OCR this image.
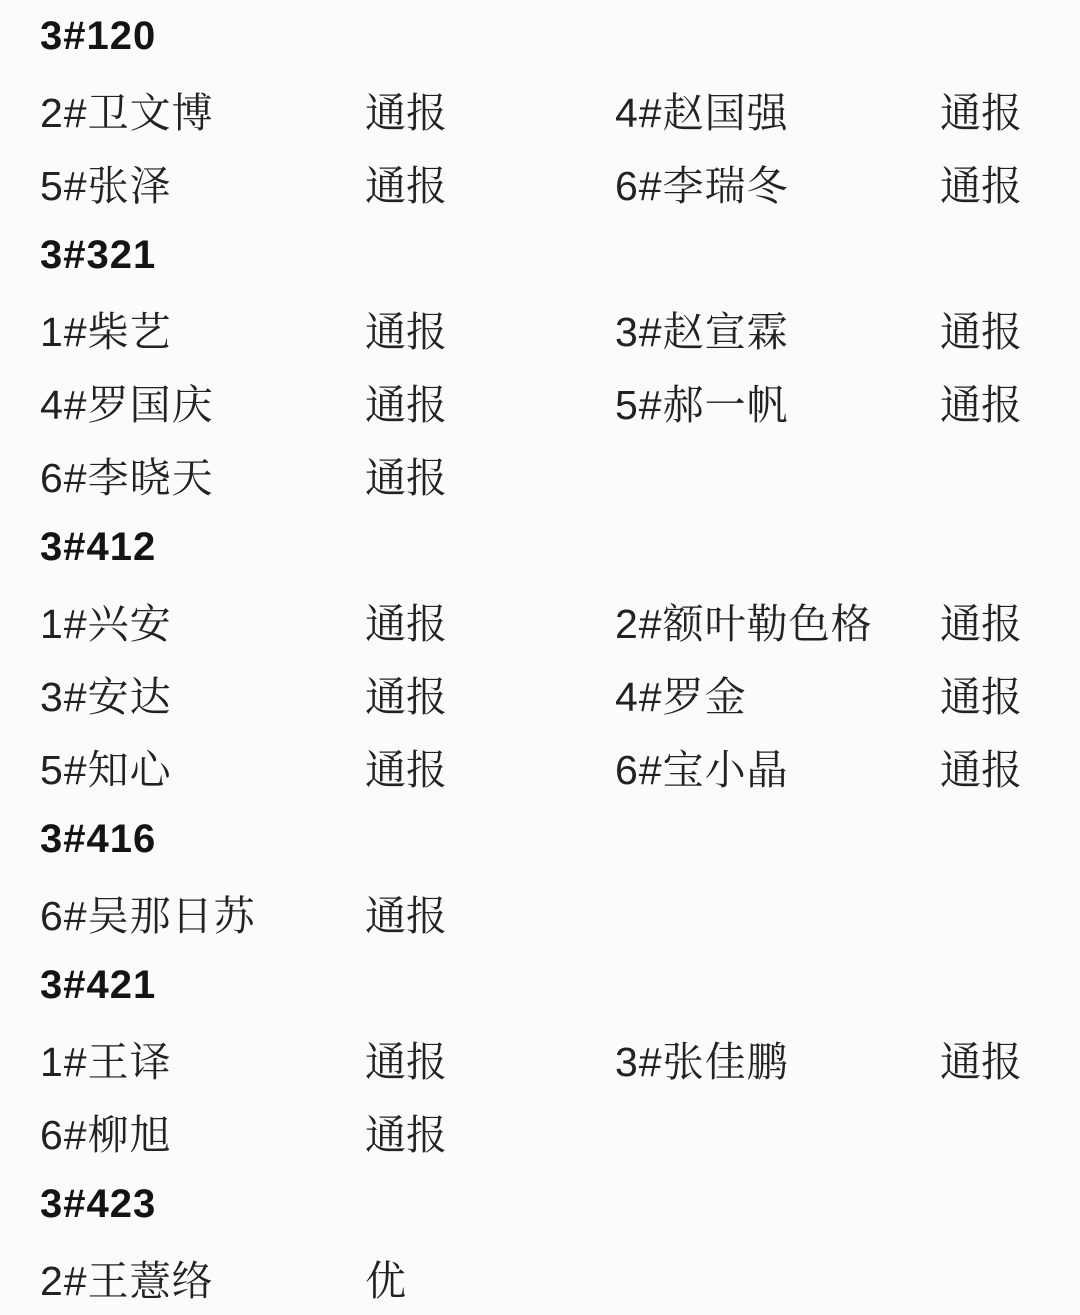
3#120
2#卫文博	通报	4#赵国强	通报
5#张泽	通报	6#李瑞冬	通报
3#321
1#柴艺	通报	3#赵宣霖	通报
4#罗国庆	通报	5#郝一帆	通报
6#李晓天	通报
3#412
1#兴安	通报	2#额叶勒色格	通报
3#安达	通报	4#罗金	通报
5#知心	通报	6#宝小晶	通报
3#416
6#吴那日苏	通报
3#421
1#王译	通报	3#张佳鹏	通报
6#柳旭	通报
3#423
2#王薏络	优
